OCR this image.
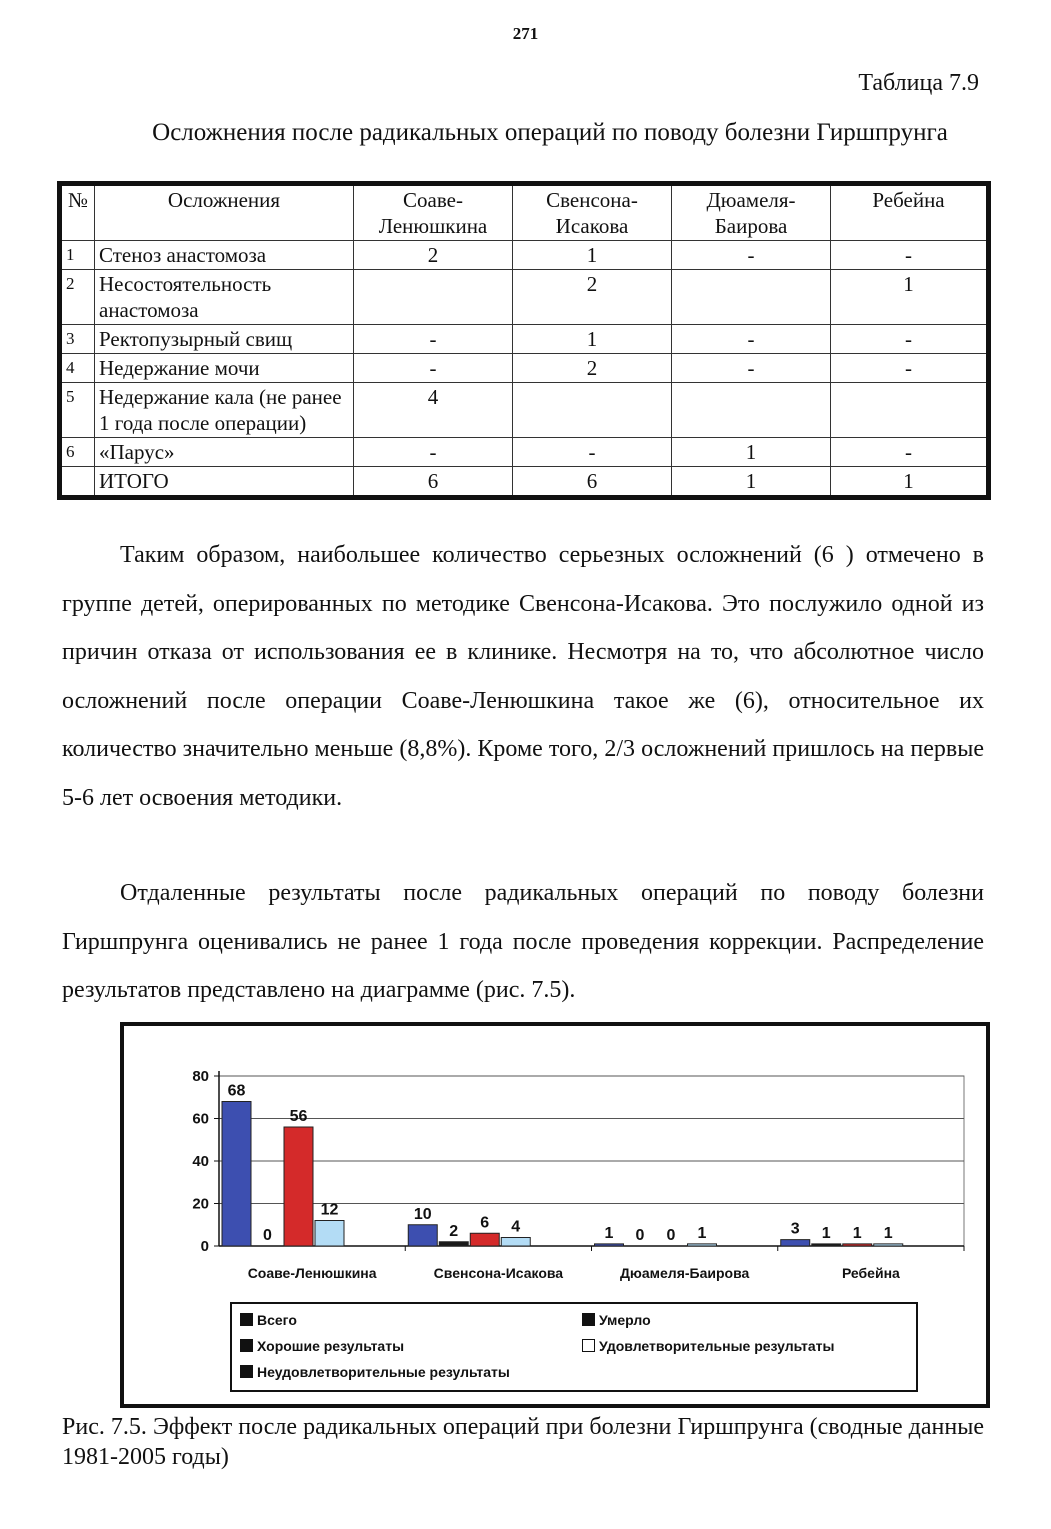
271
Таблица 7.9
Осложнения после радикальных операций по поводу болезни Гиршпрунга
№	Осложнения	Соаве-Ленюшкина	Свенсона-Исакова	Дюамеля-Баирова	Ребейна
1	Стеноз анастомоза	2	1	-	-
2	Несостоятельность анастомоза		2		1
3	Ректопузырный свищ	-	1	-	-
4	Недержание мочи	-	2	-	-
5	Недержание кала (не ранее 1 года после операции)	4			
6	«Парус»	-	-	1	-
	ИТОГО	6	6	1	1

Таким образом, наибольшее количество серьезных осложнений (6 ) отмечено в группе детей, оперированных по методике Свенсона-Исакова. Это послужило одной из причин отказа от использования ее в клинике. Несмотря на то, что абсолютное число осложнений после операции Соаве-Ленюшкина такое же (6), относительное их количество значительно меньше (8,8%). Кроме того, 2/3 осложнений пришлось на первые 5-6 лет освоения методики.

Отдаленные результаты после радикальных операций по поводу болезни Гиршпрунга оценивались не ранее 1 года после проведения коррекции. Распределение результатов представлено на диаграмме (рис. 7.5).

0
20
40
60
80
68
0
56
12
Соаве-Ленюшкина
10
2 6 4
Свенсона-Исакова
1 0 0 1
Дюамеля-Баирова
3 1 1 1
Ребейна
Всего	Умерло
Хорошие результаты	Удовлетворительные результаты
Неудовлетворительные результаты
Рис. 7.5. Эффект после радикальных операций при болезни Гиршпрунга (сводные данные 1981-2005 годы)
